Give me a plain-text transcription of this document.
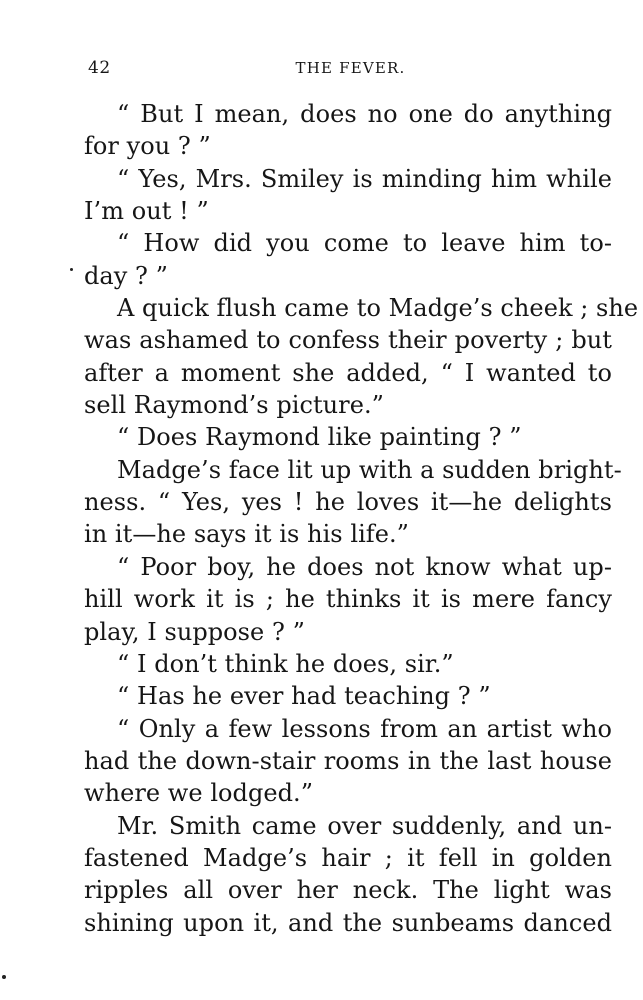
42	THE FEVER.
“ But I mean, does no one do anything
for you ? ”
“ Yes, Mrs. Smiley is minding him while
I’m out ! ”
“ How did you come to leave him to-
day ? ”
A quick flush came to Madge’s cheek ; she
was ashamed to confess their poverty ; but
after a moment she added, “ I wanted to
sell Raymond’s picture.”
“ Does Raymond like painting ? ”
Madge’s face lit up with a sudden bright-
ness. “ Yes, yes ! he loves it—he delights
in it—he says it is his life.”
“ Poor boy, he does not know what up-
hill work it is ; he thinks it is mere fancy
play, I suppose ? ”
“ I don’t think he does, sir.”
“ Has he ever had teaching ? ”
“ Only a few lessons from an artist who
had the down-stair rooms in the last house
where we lodged.”
Mr. Smith came over suddenly, and un-
fastened Madge’s hair ; it fell in golden
ripples all over her neck. The light was
shining upon it, and the sunbeams danced
